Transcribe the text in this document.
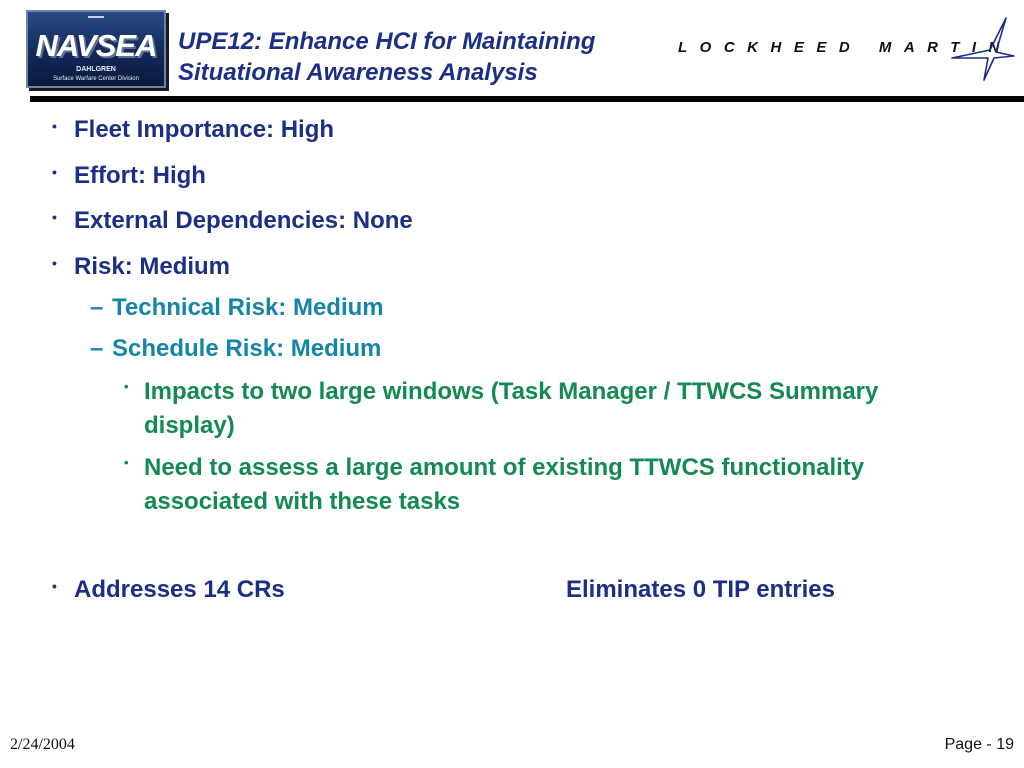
NAVSEA
DAHLGREN
Surface Warfare Center Division
UPE12: Enhance HCI for Maintaining
Situational Awareness Analysis
LOCKHEED MARTIN
• Fleet Importance: High
• Effort: High
• External Dependencies: None
• Risk: Medium
– Technical Risk: Medium
– Schedule Risk: Medium
• Impacts to two large windows (Task Manager / TTWCS Summary display)
• Need to assess a large amount of existing TTWCS functionality associated with these tasks
• Addresses 14 CRs	Eliminates 0 TIP entries
2/24/2004	Page - 19
